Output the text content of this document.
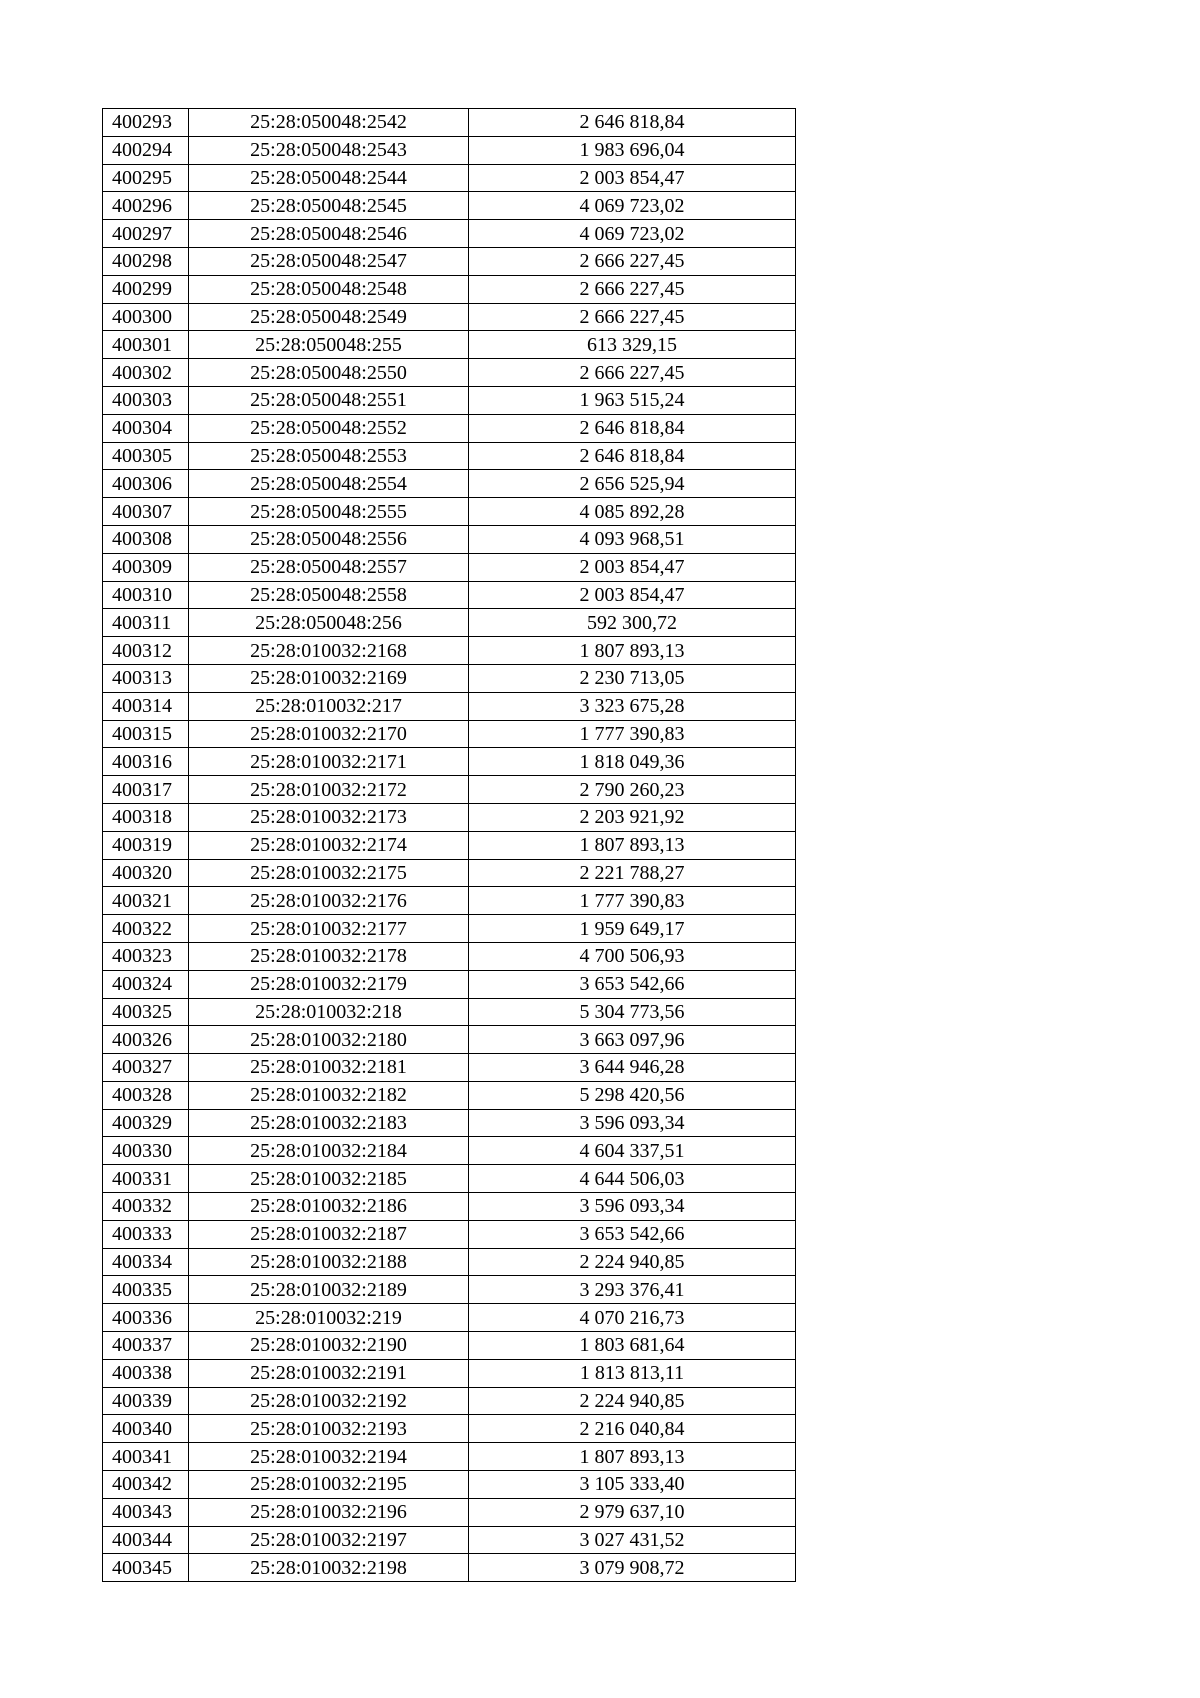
400293	25:28:050048:2542	2 646 818,84
400294	25:28:050048:2543	1 983 696,04
400295	25:28:050048:2544	2 003 854,47
400296	25:28:050048:2545	4 069 723,02
400297	25:28:050048:2546	4 069 723,02
400298	25:28:050048:2547	2 666 227,45
400299	25:28:050048:2548	2 666 227,45
400300	25:28:050048:2549	2 666 227,45
400301	25:28:050048:255	613 329,15
400302	25:28:050048:2550	2 666 227,45
400303	25:28:050048:2551	1 963 515,24
400304	25:28:050048:2552	2 646 818,84
400305	25:28:050048:2553	2 646 818,84
400306	25:28:050048:2554	2 656 525,94
400307	25:28:050048:2555	4 085 892,28
400308	25:28:050048:2556	4 093 968,51
400309	25:28:050048:2557	2 003 854,47
400310	25:28:050048:2558	2 003 854,47
400311	25:28:050048:256	592 300,72
400312	25:28:010032:2168	1 807 893,13
400313	25:28:010032:2169	2 230 713,05
400314	25:28:010032:217	3 323 675,28
400315	25:28:010032:2170	1 777 390,83
400316	25:28:010032:2171	1 818 049,36
400317	25:28:010032:2172	2 790 260,23
400318	25:28:010032:2173	2 203 921,92
400319	25:28:010032:2174	1 807 893,13
400320	25:28:010032:2175	2 221 788,27
400321	25:28:010032:2176	1 777 390,83
400322	25:28:010032:2177	1 959 649,17
400323	25:28:010032:2178	4 700 506,93
400324	25:28:010032:2179	3 653 542,66
400325	25:28:010032:218	5 304 773,56
400326	25:28:010032:2180	3 663 097,96
400327	25:28:010032:2181	3 644 946,28
400328	25:28:010032:2182	5 298 420,56
400329	25:28:010032:2183	3 596 093,34
400330	25:28:010032:2184	4 604 337,51
400331	25:28:010032:2185	4 644 506,03
400332	25:28:010032:2186	3 596 093,34
400333	25:28:010032:2187	3 653 542,66
400334	25:28:010032:2188	2 224 940,85
400335	25:28:010032:2189	3 293 376,41
400336	25:28:010032:219	4 070 216,73
400337	25:28:010032:2190	1 803 681,64
400338	25:28:010032:2191	1 813 813,11
400339	25:28:010032:2192	2 224 940,85
400340	25:28:010032:2193	2 216 040,84
400341	25:28:010032:2194	1 807 893,13
400342	25:28:010032:2195	3 105 333,40
400343	25:28:010032:2196	2 979 637,10
400344	25:28:010032:2197	3 027 431,52
400345	25:28:010032:2198	3 079 908,72
